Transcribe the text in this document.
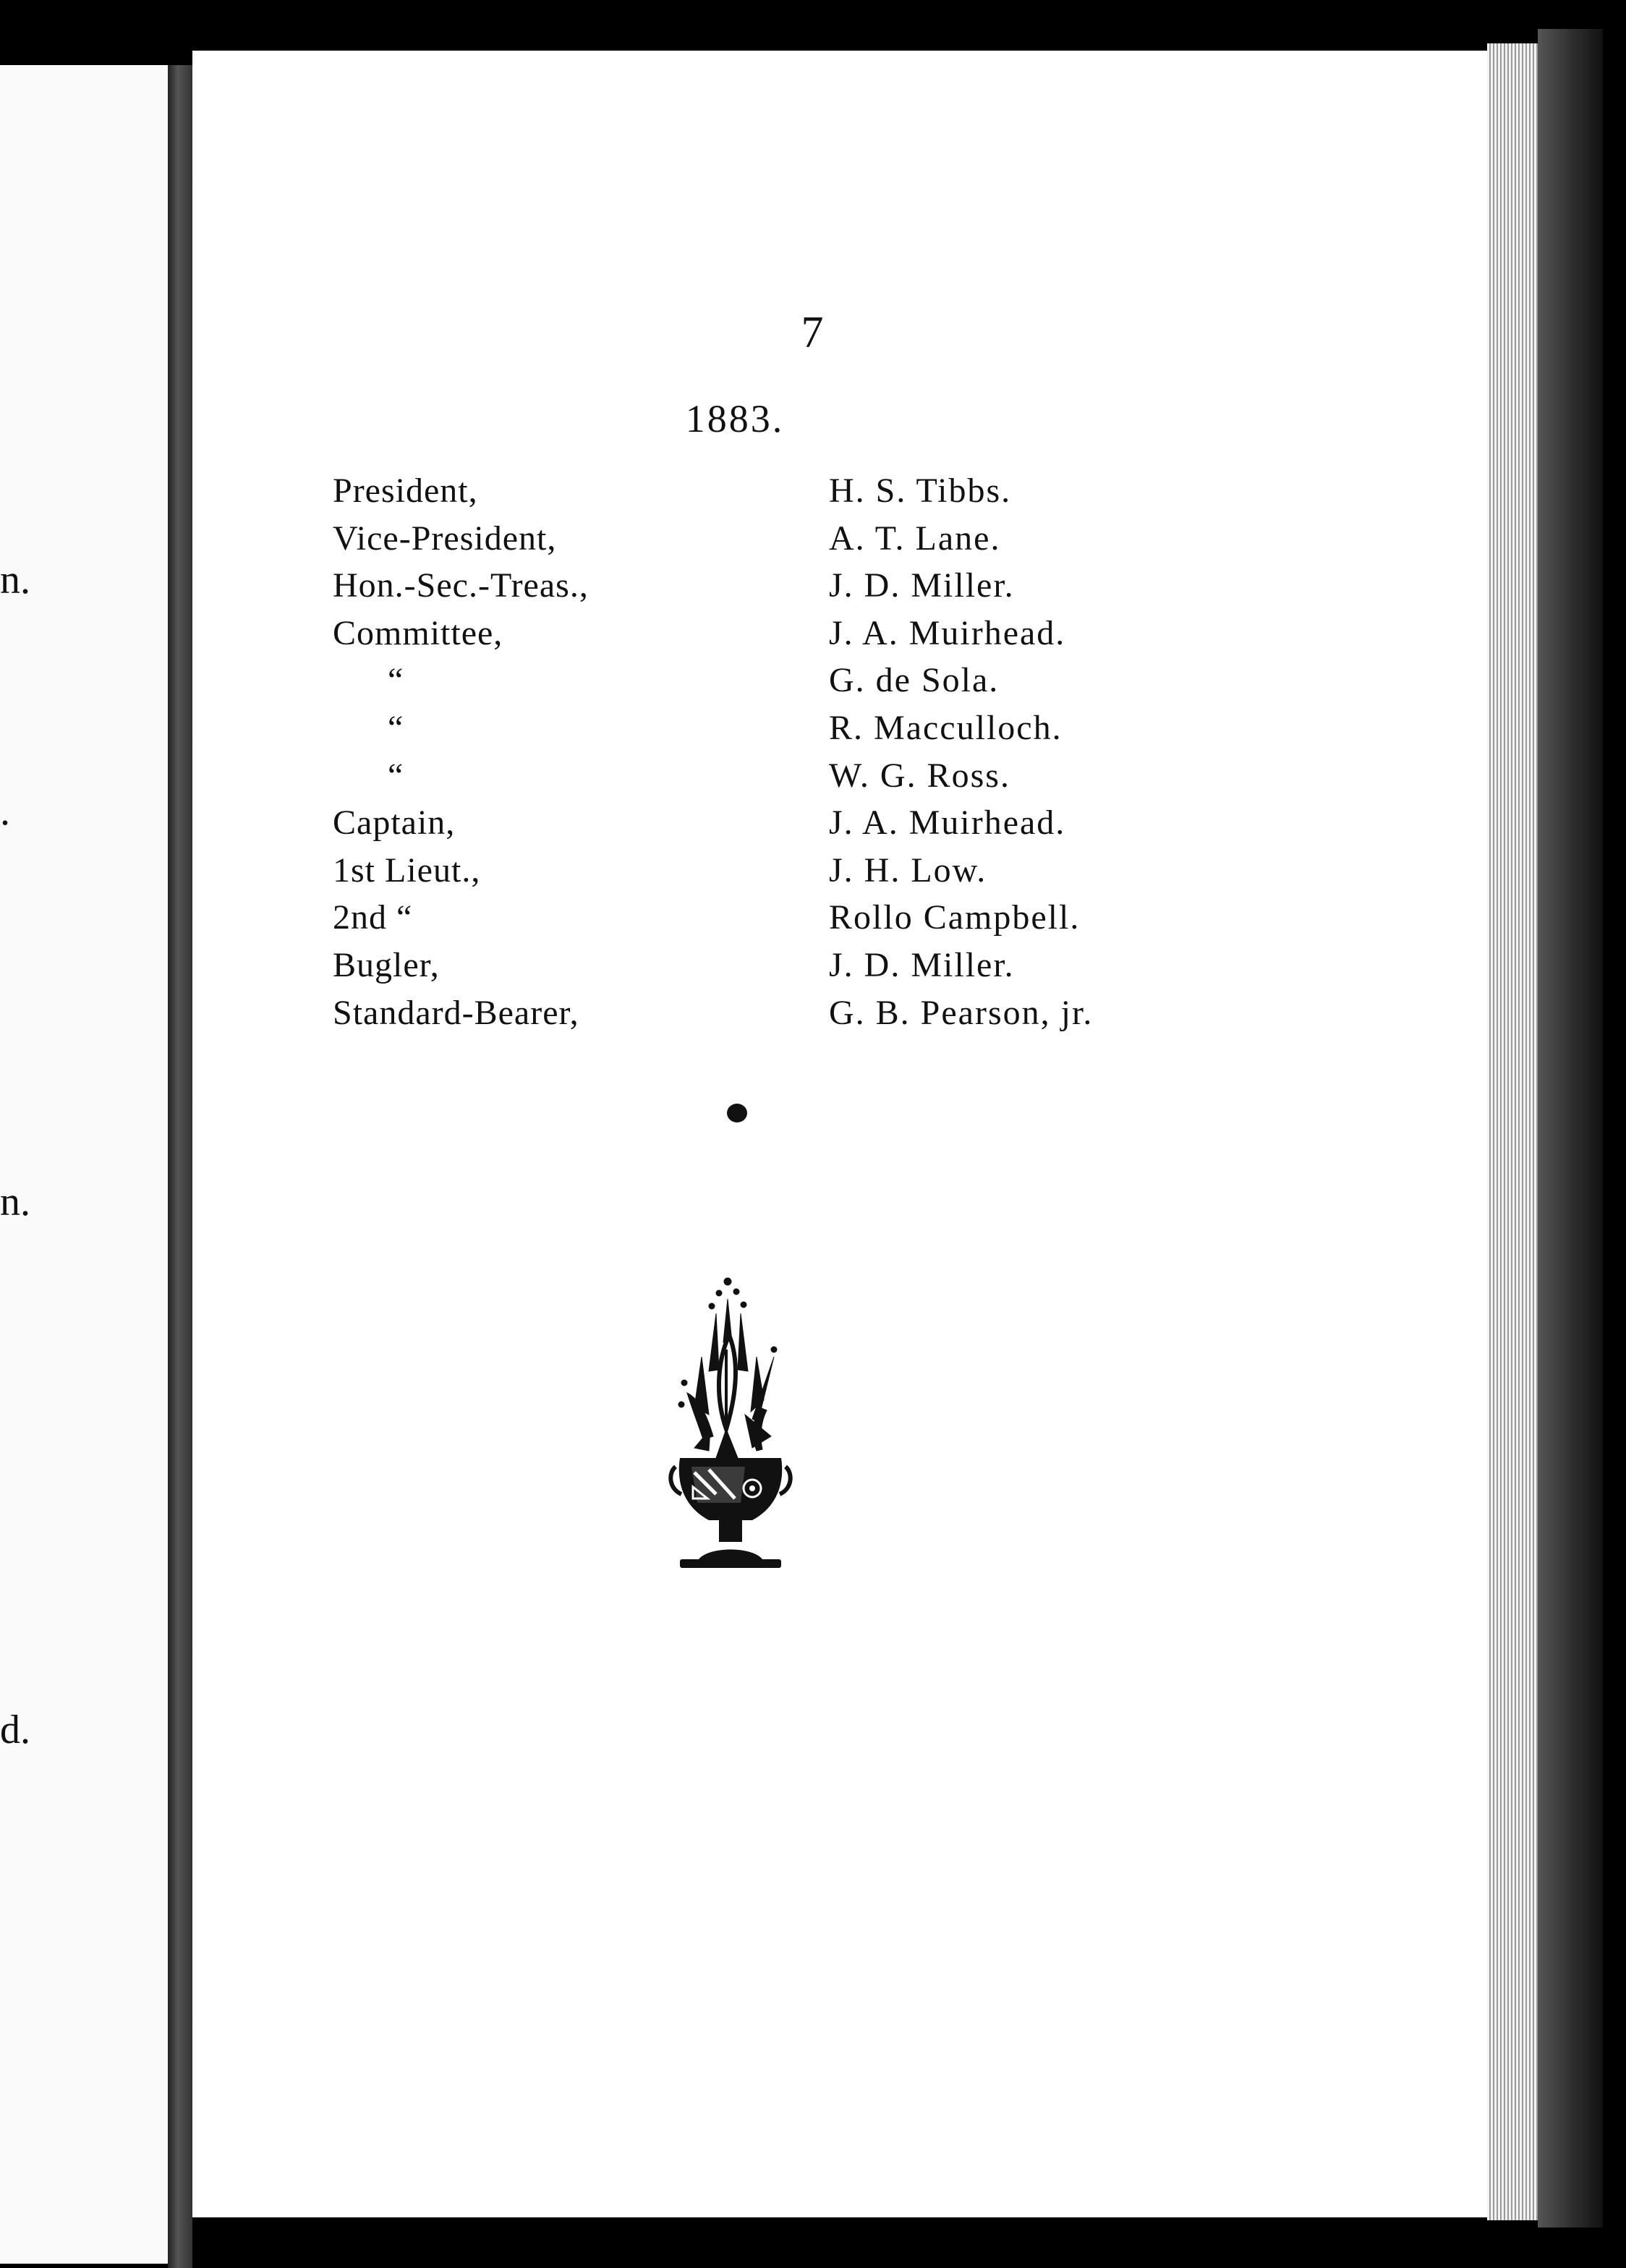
n.
.
n.
d.
7
1883.
President,	H. S. Tibbs.
Vice-President,	A. T. Lane.
Hon.-Sec.-Treas.,	J. D. Miller.
Committee,	J. A. Muirhead.
“	G. de Sola.
“	R. Macculloch.
“	W. G. Ross.
Captain,	J. A. Muirhead.
1st Lieut.,	J. H. Low.
2nd “	Rollo Campbell.
Bugler,	J. D. Miller.
Standard-Bearer,	G. B. Pearson, jr.
